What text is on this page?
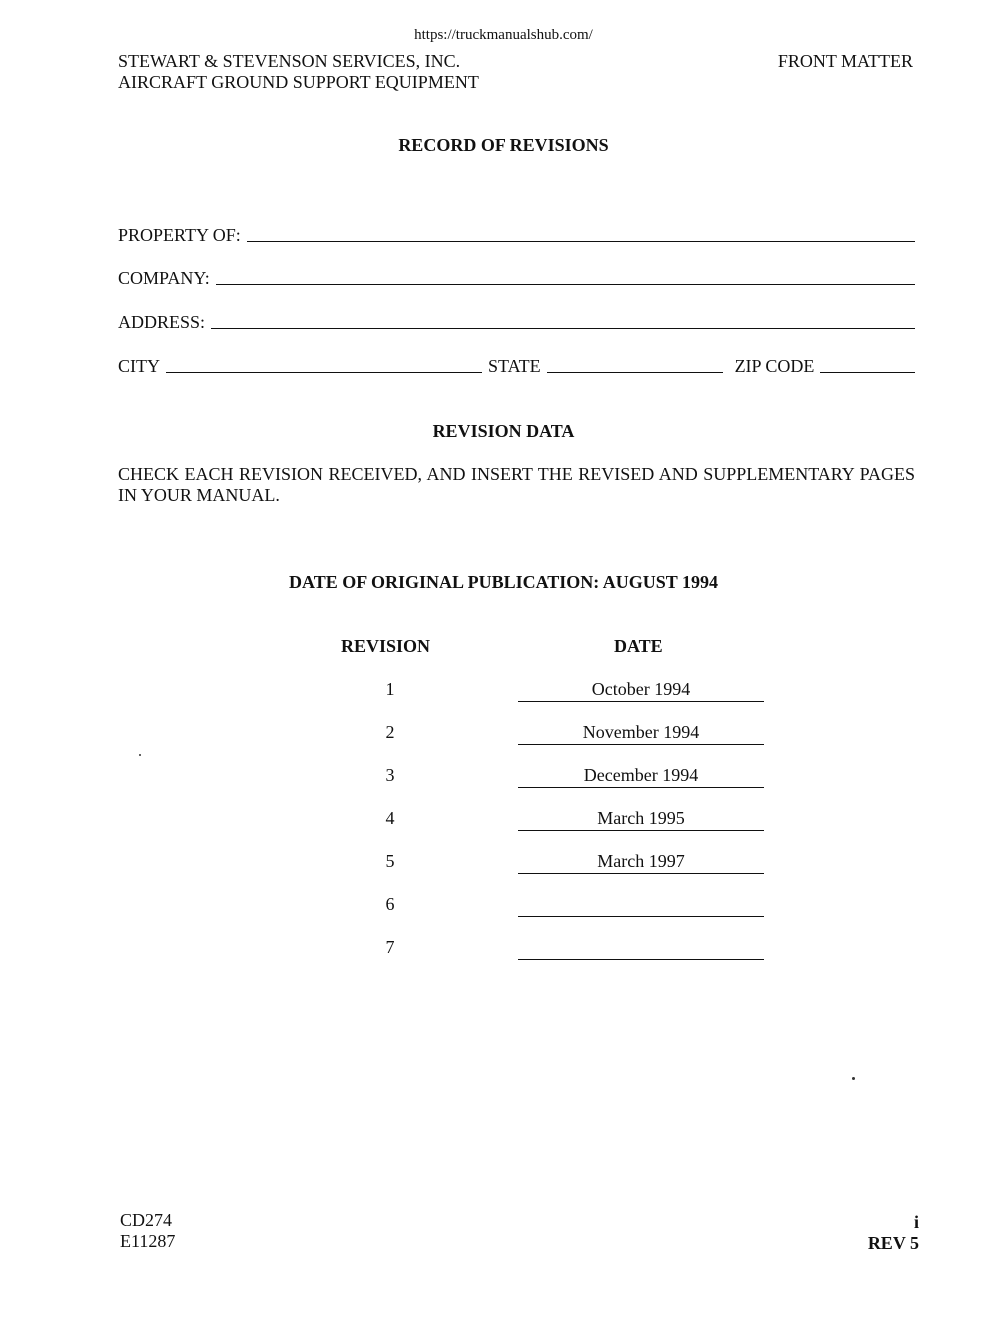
https://truckmanualshub.com/
STEWART & STEVENSON SERVICES, INC.
AIRCRAFT GROUND SUPPORT EQUIPMENT
FRONT MATTER
RECORD OF REVISIONS
PROPERTY OF:
COMPANY:
ADDRESS:
CITY	STATE	ZIP CODE
REVISION DATA
CHECK EACH REVISION RECEIVED, AND INSERT THE REVISED AND SUPPLEMENTARY PAGES IN YOUR MANUAL.
DATE OF ORIGINAL PUBLICATION: AUGUST 1994
REVISION	DATE
1	October 1994
2	November 1994
3	December 1994
4	March 1995
5	March 1997
6
7
CD274
E11287
i
REV 5
